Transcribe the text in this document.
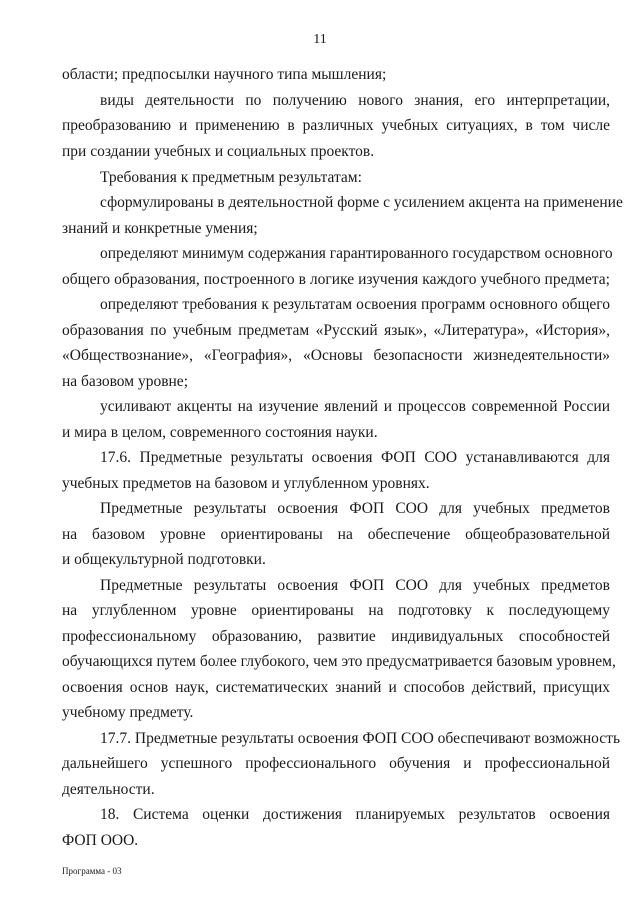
11
области; предпосылки научного типа мышления;
виды деятельности по получению нового знания, его интерпретации,
преобразованию и применению в различных учебных ситуациях, в том числе
при создании учебных и социальных проектов.
Требования к предметным результатам:
сформулированы в деятельностной форме с усилением акцента на применение
знаний и конкретные умения;
определяют минимум содержания гарантированного государством основного
общего образования, построенного в логике изучения каждого учебного предмета;
определяют требования к результатам освоения программ основного общего
образования по учебным предметам «Русский язык», «Литература», «История»,
«Обществознание», «География», «Основы безопасности жизнедеятельности»
на базовом уровне;
усиливают акценты на изучение явлений и процессов современной России
и мира в целом, современного состояния науки.
17.6. Предметные результаты освоения ФОП СОО устанавливаются для
учебных предметов на базовом и углубленном уровнях.
Предметные результаты освоения ФОП СОО для учебных предметов
на базовом уровне ориентированы на обеспечение общеобразовательной
и общекультурной подготовки.
Предметные результаты освоения ФОП СОО для учебных предметов
на углубленном уровне ориентированы на подготовку к последующему
профессиональному образованию, развитие индивидуальных способностей
обучающихся путем более глубокого, чем это предусматривается базовым уровнем,
освоения основ наук, систематических знаний и способов действий, присущих
учебному предмету.
17.7. Предметные результаты освоения ФОП СОО обеспечивают возможность
дальнейшего успешного профессионального обучения и профессиональной
деятельности.
18. Система оценки достижения планируемых результатов освоения
ФОП ООО.
Программа - 03
